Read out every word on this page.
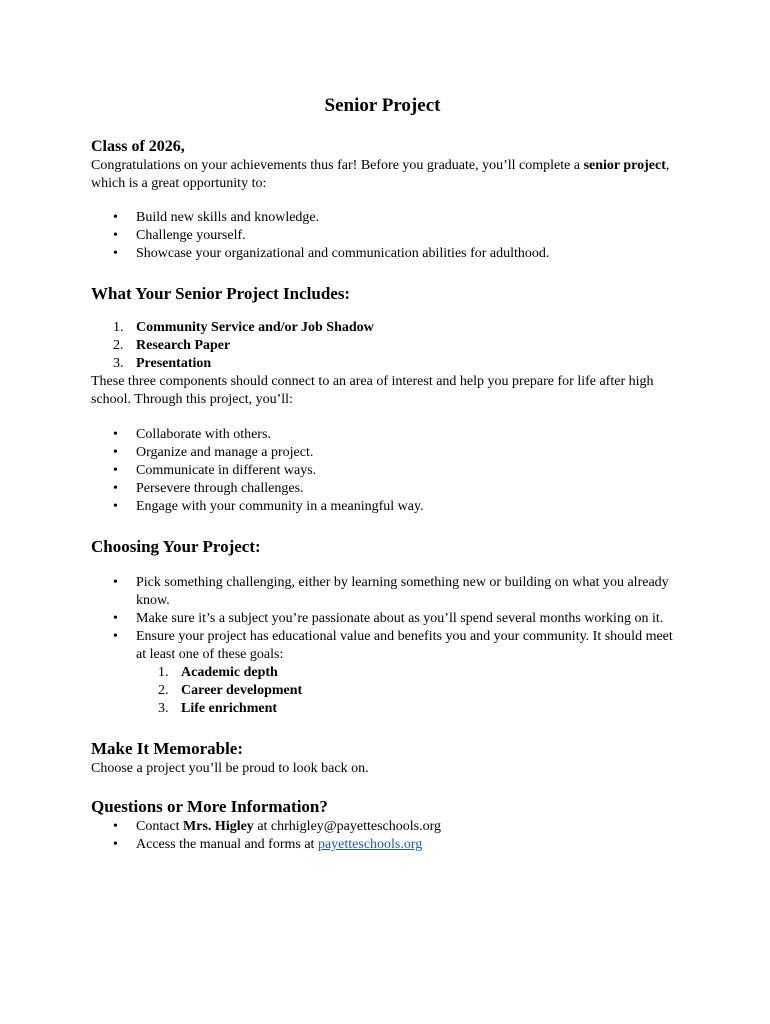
Senior Project
Class of 2026,

Congratulations on your achievements thus far! Before you graduate, you’ll complete a senior project, which is a great opportunity to:

• Build new skills and knowledge.
• Challenge yourself.
• Showcase your organizational and communication abilities for adulthood.
What Your Senior Project Includes:
1. Community Service and/or Job Shadow
2. Research Paper
3. Presentation

These three components should connect to an area of interest and help you prepare for life after high school. Through this project, you’ll:

• Collaborate with others.
• Organize and manage a project.
• Communicate in different ways.
• Persevere through challenges.
• Engage with your community in a meaningful way.
Choosing Your Project:
• Pick something challenging, either by learning something new or building on what you already know.
• Make sure it’s a subject you’re passionate about as you’ll spend several months working on it.
• Ensure your project has educational value and benefits you and your community. It should meet at least one of these goals:
1. Academic depth
2. Career development
3. Life enrichment
Make It Memorable:

Choose a project you’ll be proud to look back on.

Questions or More Information?
• Contact Mrs. Higley at chrhigley@payetteschools.org
• Access the manual and forms at payetteschools.org
